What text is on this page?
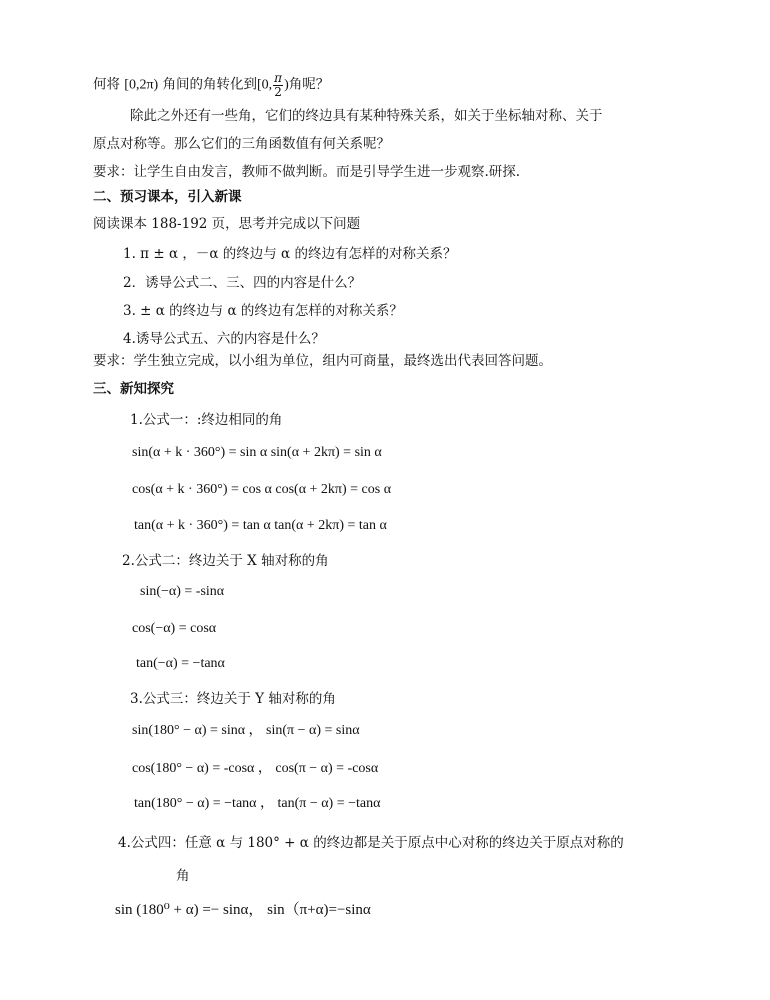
何将 [0,2π) 角间的角转化到[0, $\frac{\pi}{2}$ )角呢？
除此之外还有一些角，它们的终边具有某种特殊关系，如关于坐标轴对称、关于
原点对称等。那么它们的三角函数值有何关系呢？
要求：让学生自由发言，教师不做判断。而是引导学生进一步观察.研探.
二、预习课本，引入新课
阅读课本 188-192 页，思考并完成以下问题
1. π ± α ，－α 的终边与 α 的终边有怎样的对称关系？
2．诱导公式二、三、四的内容是什么？
3. ± α 的终边与 α 的终边有怎样的对称关系？
4.诱导公式五、六的内容是什么？
要求：学生独立完成，以小组为单位，组内可商量，最终选出代表回答问题。
三、新知探究
1.公式一：:终边相同的角
sin(α + k · 360°) = sin α sin(α + 2kπ) = sin α
cos(α + k · 360°) = cos α cos(α + 2kπ) = cos α
tan(α + k · 360°) = tan α tan(α + 2kπ) = tan α
2.公式二：终边关于 X 轴对称的角
sin(−α) = -sinα
cos(−α) = cosα
tan(−α) = −tanα
3.公式三：终边关于 Y 轴对称的角
sin(180° − α) = sinα ， sin(π − α) = sinα
cos(180° − α) = -cosα ， cos(π − α) = -cosα
tan(180° − α) = −tanα ， tan(π − α) = −tanα
4.公式四：任意 α 与 180° + α 的终边都是关于原点中心对称的终边关于原点对称的
角
sin (180⁰ + α) =− sinα， sin（π+α)=−sinα
